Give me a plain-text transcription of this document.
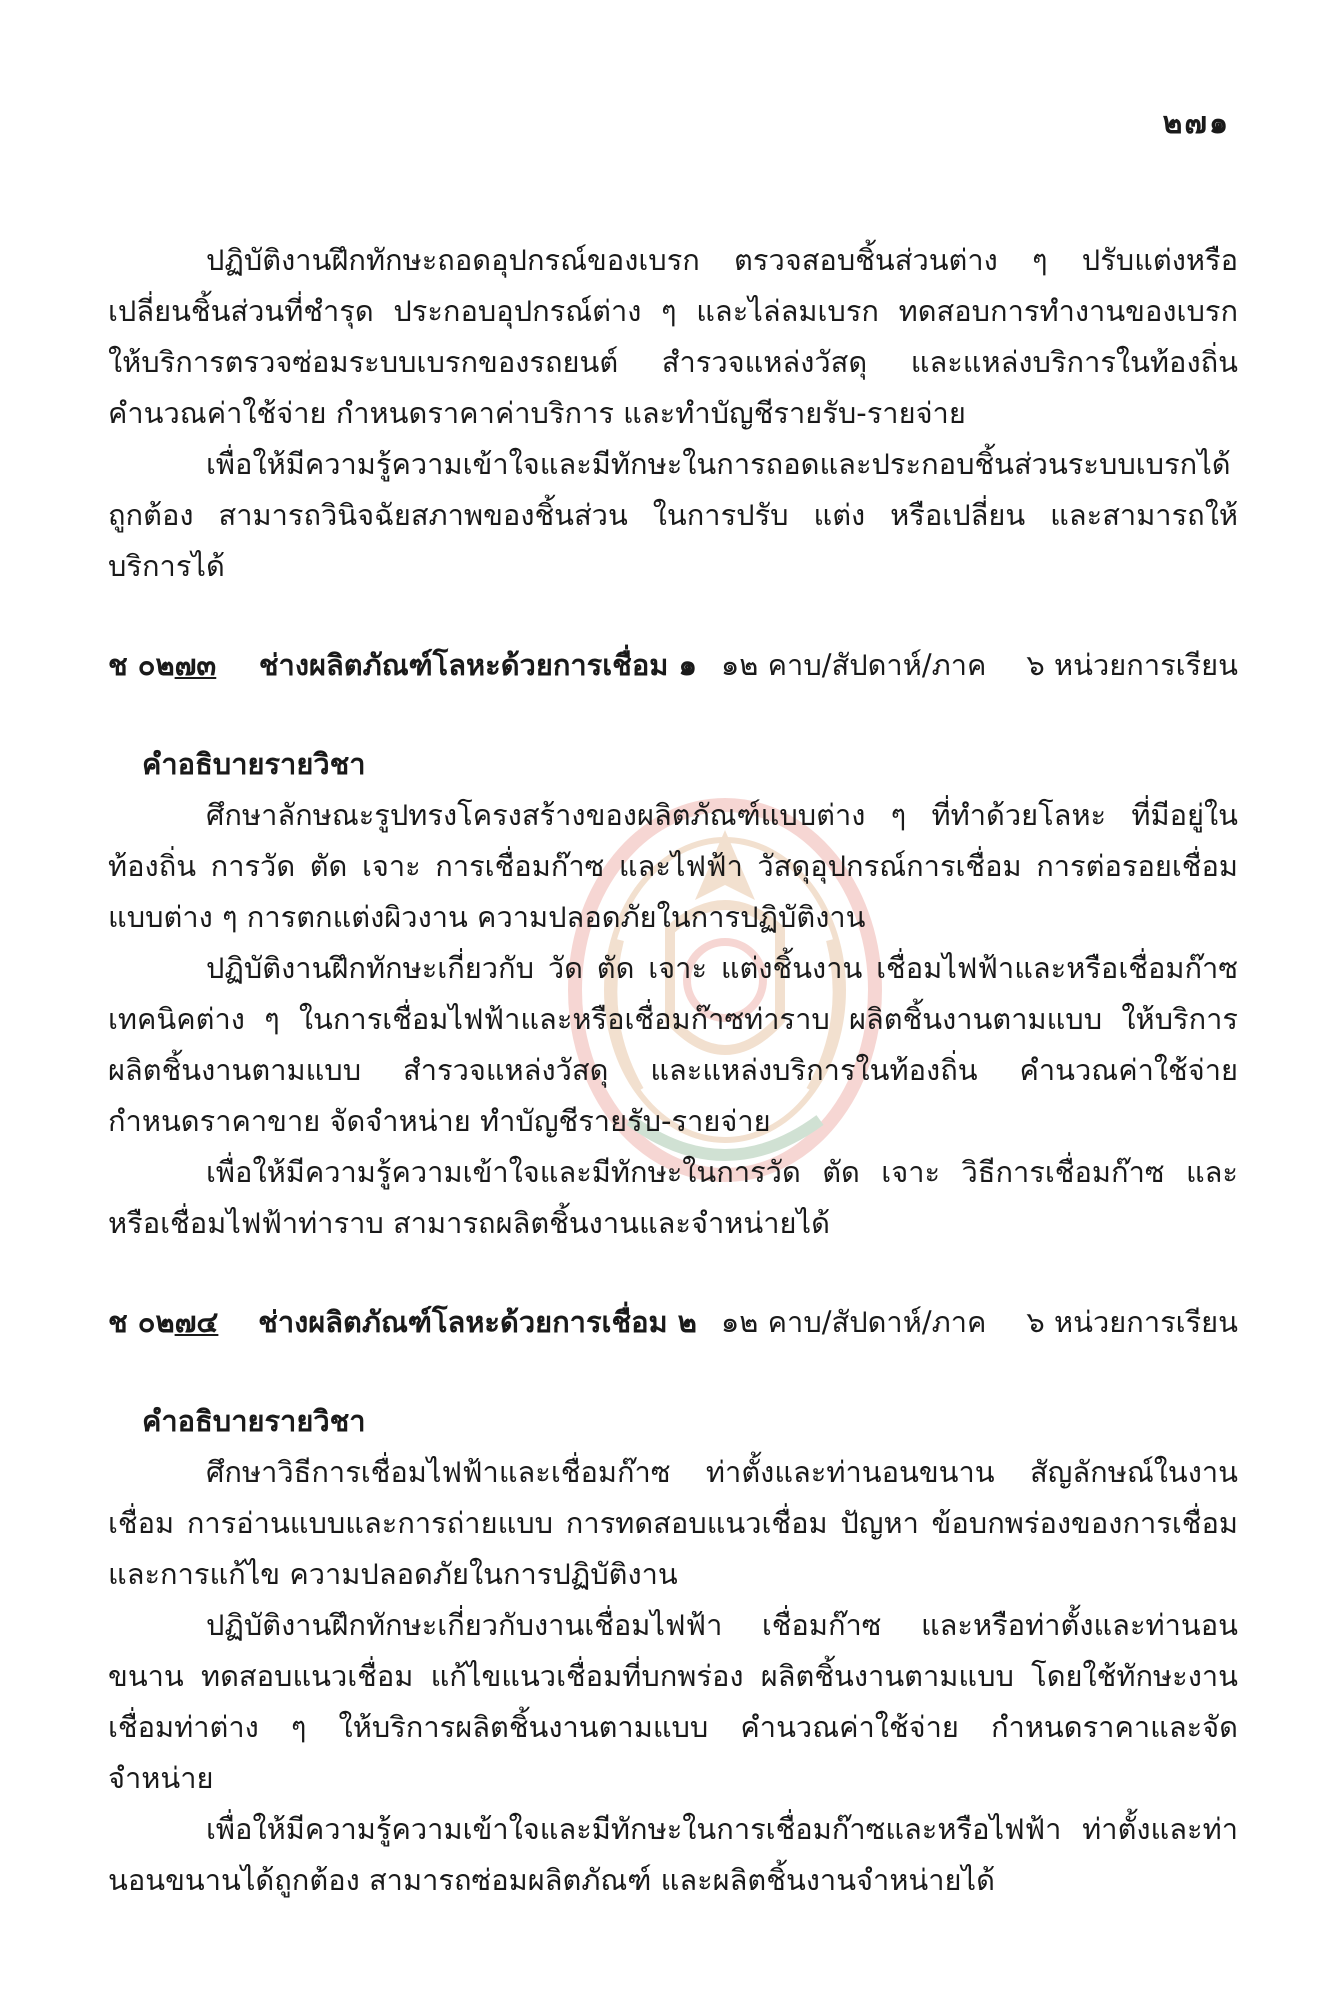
๒๗๑

ปฏิบัติงานฝึกทักษะถอดอุปกรณ์ของเบรก ตรวจสอบชิ้นส่วนต่าง ๆ ปรับแต่งหรือเปลี่ยนชิ้นส่วนที่ชำรุด ประกอบอุปกรณ์ต่าง ๆ และไล่ลมเบรก ทดสอบการทำงานของเบรก ให้บริการตรวจซ่อมระบบเบรกของรถยนต์ สำรวจแหล่งวัสดุ และแหล่งบริการในท้องถิ่น คำนวณค่าใช้จ่าย กำหนดราคาค่าบริการ และทำบัญชีรายรับ-รายจ่าย

เพื่อให้มีความรู้ความเข้าใจและมีทักษะในการถอดและประกอบชิ้นส่วนระบบเบรกได้ถูกต้อง สามารถวินิจฉัยสภาพของชิ้นส่วน ในการปรับ แต่ง หรือเปลี่ยน และสามารถให้บริการได้

ช ๐๒๗๓	ช่างผลิตภัณฑ์โลหะด้วยการเชื่อม ๑ ๑๒ คาบ/สัปดาห์/ภาค ๖ หน่วยการเรียน
คำอธิบายรายวิชา

ศึกษาลักษณะรูปทรงโครงสร้างของผลิตภัณฑ์แบบต่าง ๆ ที่ทำด้วยโลหะ ที่มีอยู่ในท้องถิ่น การวัด ตัด เจาะ การเชื่อมก๊าซ และไฟฟ้า วัสดุอุปกรณ์การเชื่อม การต่อรอยเชื่อมแบบต่าง ๆ การตกแต่งผิวงาน ความปลอดภัยในการปฏิบัติงาน

ปฏิบัติงานฝึกทักษะเกี่ยวกับ วัด ตัด เจาะ แต่งชิ้นงาน เชื่อมไฟฟ้าและหรือเชื่อมก๊าซเทคนิคต่าง ๆ ในการเชื่อมไฟฟ้าและหรือเชื่อมก๊าซท่าราบ ผลิตชิ้นงานตามแบบ ให้บริการผลิตชิ้นงานตามแบบ สำรวจแหล่งวัสดุ และแหล่งบริการในท้องถิ่น คำนวณค่าใช้จ่าย กำหนดราคาขาย จัดจำหน่าย ทำบัญชีรายรับ-รายจ่าย

เพื่อให้มีความรู้ความเข้าใจและมีทักษะในการวัด ตัด เจาะ วิธีการเชื่อมก๊าซ และหรือเชื่อมไฟฟ้าท่าราบ สามารถผลิตชิ้นงานและจำหน่ายได้

ช ๐๒๗๔	ช่างผลิตภัณฑ์โลหะด้วยการเชื่อม ๒ ๑๒ คาบ/สัปดาห์/ภาค ๖ หน่วยการเรียน
คำอธิบายรายวิชา

ศึกษาวิธีการเชื่อมไฟฟ้าและเชื่อมก๊าซ ท่าตั้งและท่านอนขนาน สัญลักษณ์ในงานเชื่อม การอ่านแบบและการถ่ายแบบ การทดสอบแนวเชื่อม ปัญหา ข้อบกพร่องของการเชื่อมและการแก้ไข ความปลอดภัยในการปฏิบัติงาน

ปฏิบัติงานฝึกทักษะเกี่ยวกับงานเชื่อมไฟฟ้า เชื่อมก๊าซ และหรือท่าตั้งและท่านอนขนาน ทดสอบแนวเชื่อม แก้ไขแนวเชื่อมที่บกพร่อง ผลิตชิ้นงานตามแบบ โดยใช้ทักษะงานเชื่อมท่าต่าง ๆ ให้บริการผลิตชิ้นงานตามแบบ คำนวณค่าใช้จ่าย กำหนดราคาและจัดจำหน่าย

เพื่อให้มีความรู้ความเข้าใจและมีทักษะในการเชื่อมก๊าซและหรือไฟฟ้า ท่าตั้งและท่านอนขนานได้ถูกต้อง สามารถซ่อมผลิตภัณฑ์ และผลิตชิ้นงานจำหน่ายได้
